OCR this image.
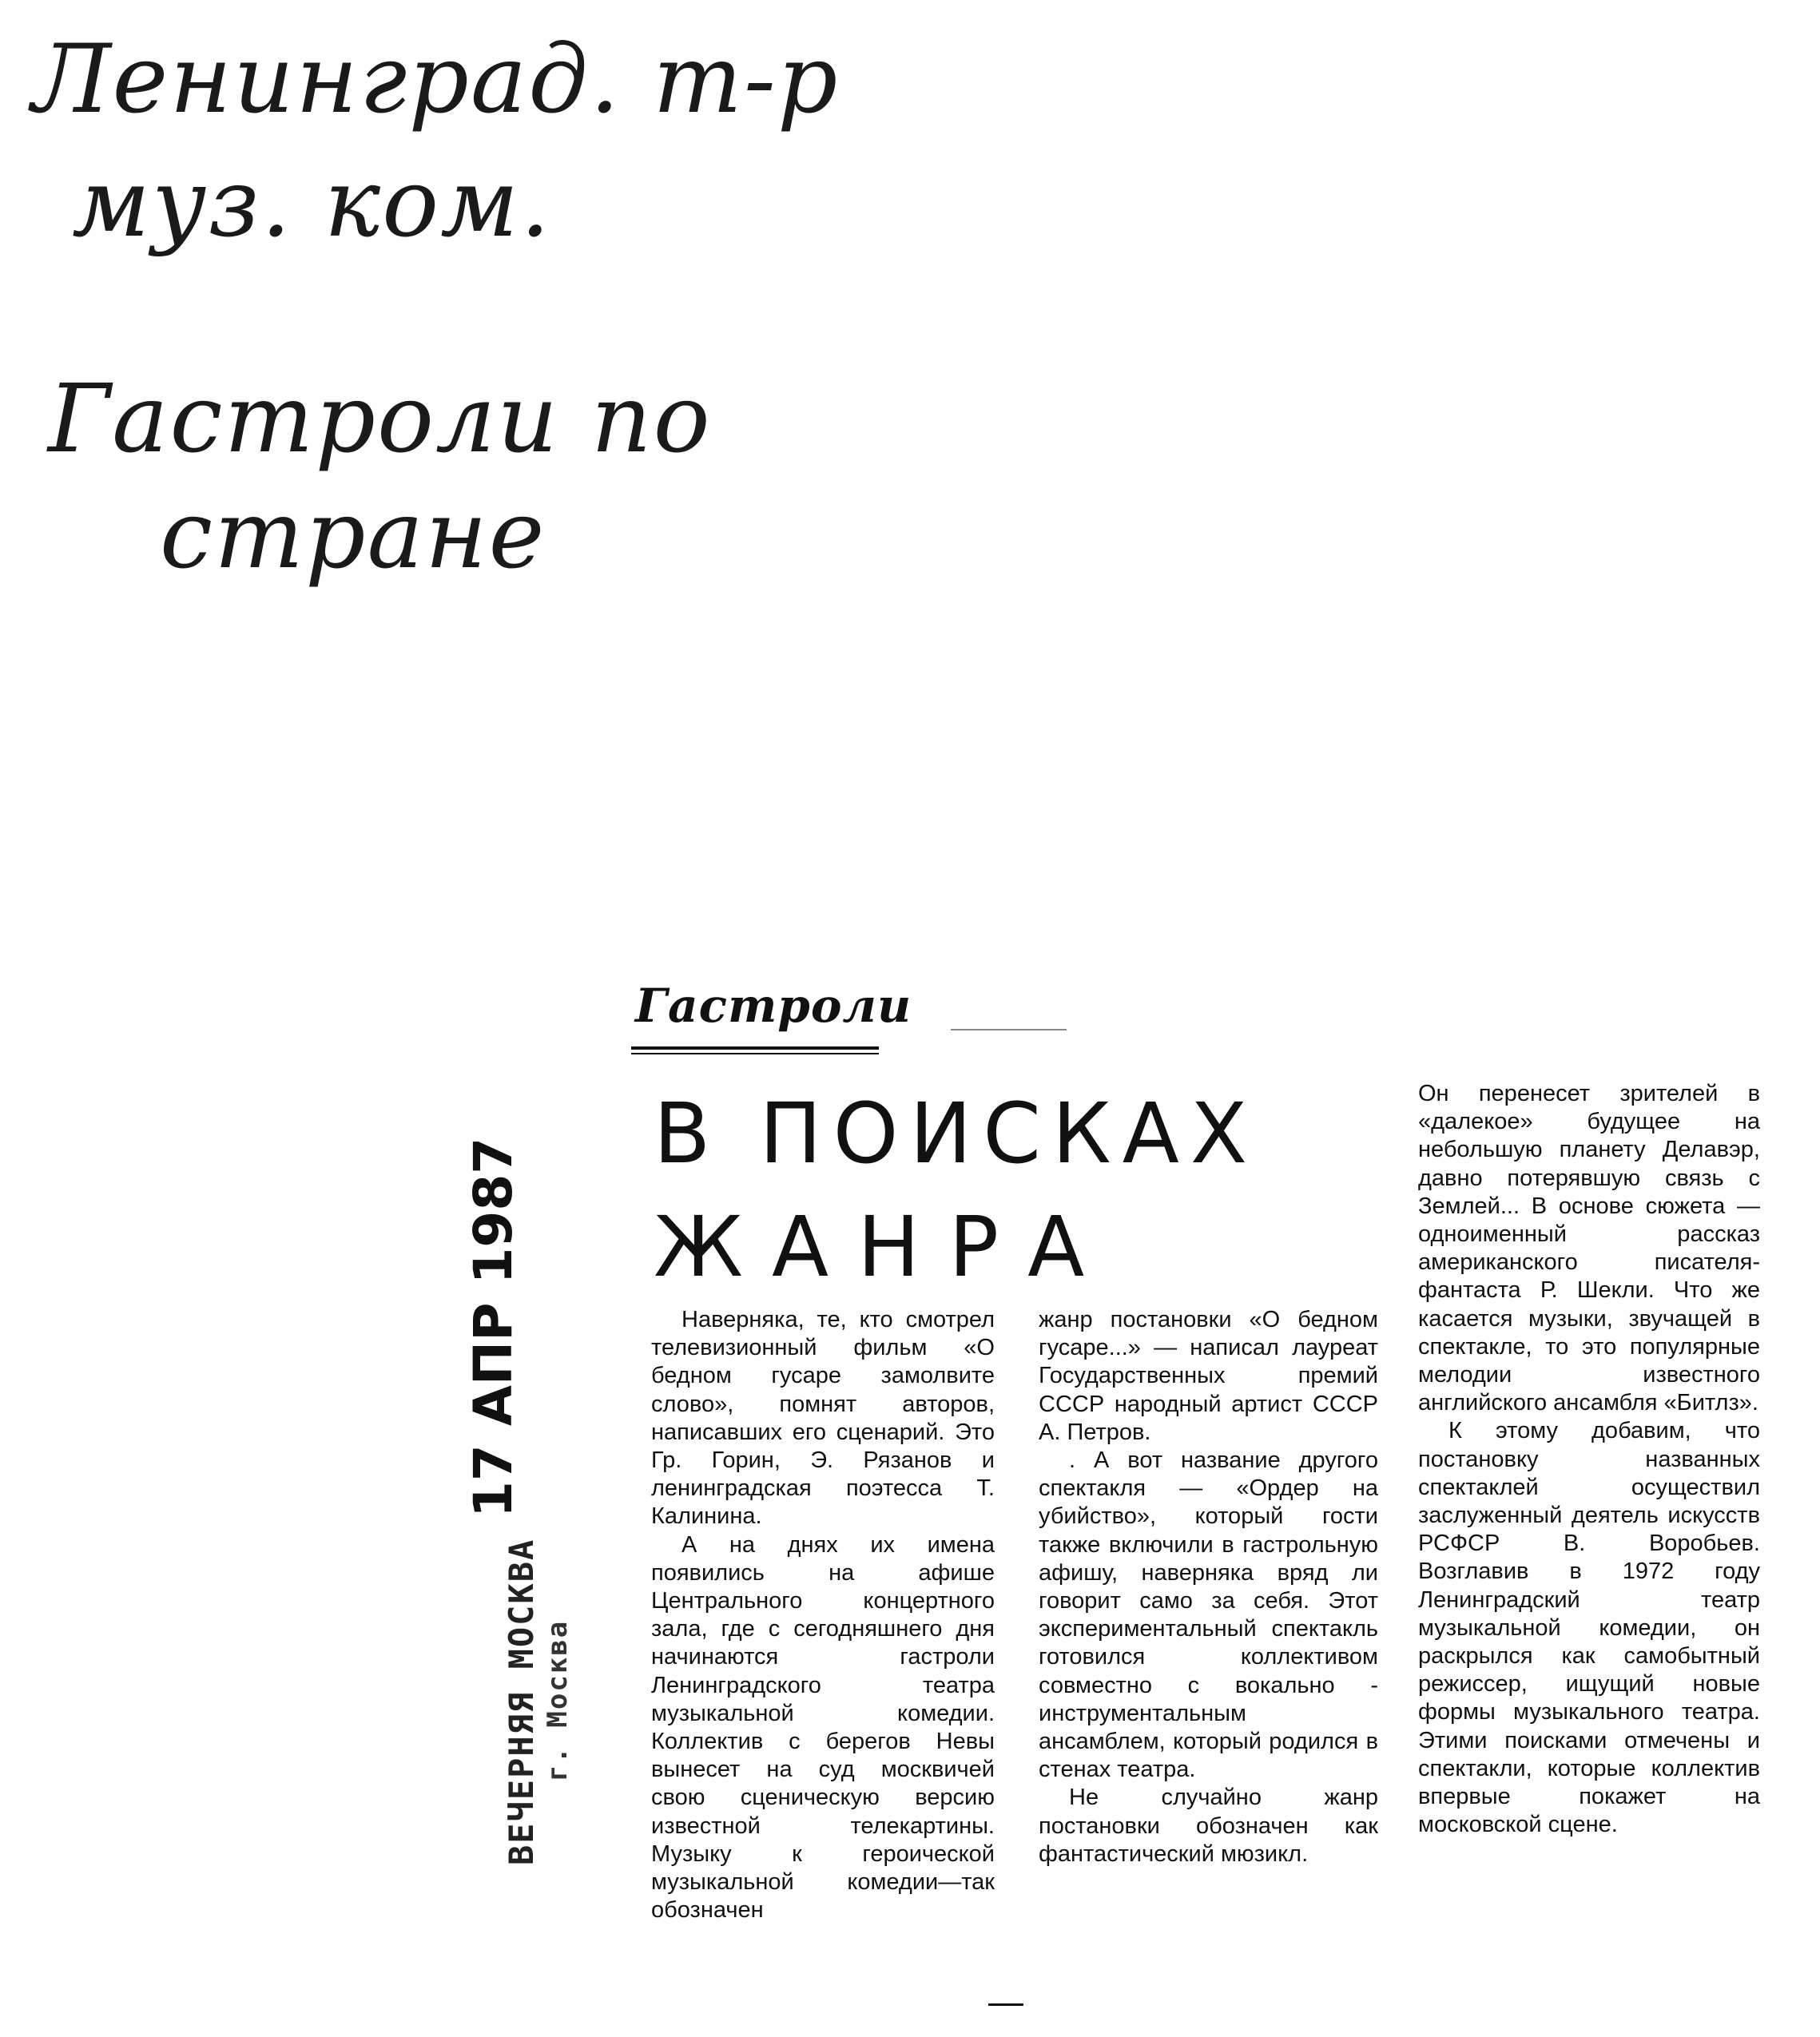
Ленинград. т-р
муз. ком.
Гастроли по
стране
17 АПР 1987
ВЕЧЕРНЯЯ МОСКВА г. Москва
Гастроли
В ПОИСКАХ
ЖАНРА

Наверняка, те, кто смотрел телевизионный фильм «О бедном гусаре замолвите слово», помнят авторов, написавших его сценарий. Это Гр. Горин, Э. Рязанов и ленинградская поэтесса Т. Калинина.

А на днях их имена появились на афише Центрального концертного зала, где с сегодняшнего дня начинаются гастроли Ленинградского театра музыкальной комедии. Коллектив с берегов Невы вынесет на суд москвичей свою сценическую версию известной телекартины. Музыку к героической музыкальной комедии—так обозначен

жанр постановки «О бедном гусаре...» — написал лауреат Государственных премий СССР народный артист СССР А. Петров.

. А вот название другого спектакля — «Ордер на убийство», который гости также включили в гастрольную афишу, наверняка вряд ли говорит само за себя. Этот экспериментальный спектакль готовился коллективом совместно с вокально - инструментальным ансамблем, который родился в стенах театра.

Не случайно жанр постановки обозначен как фантастический мюзикл.

Он перенесет зрителей в «далекое» будущее на небольшую планету Делавэр, давно потерявшую связь с Землей... В основе сюжета — одноименный рассказ американского писателя-фантаста Р. Шекли. Что же касается музыки, звучащей в спектакле, то это популярные мелодии известного английского ансамбля «Битлз».

К этому добавим, что постановку названных спектаклей осуществил заслуженный деятель искусств РСФСР В. Воробьев. Возглавив в 1972 году Ленинградский театр музыкальной комедии, он раскрылся как самобытный режиссер, ищущий новые формы музыкального театра. Этими поисками отмечены и спектакли, которые коллектив впервые покажет на московской сцене.
